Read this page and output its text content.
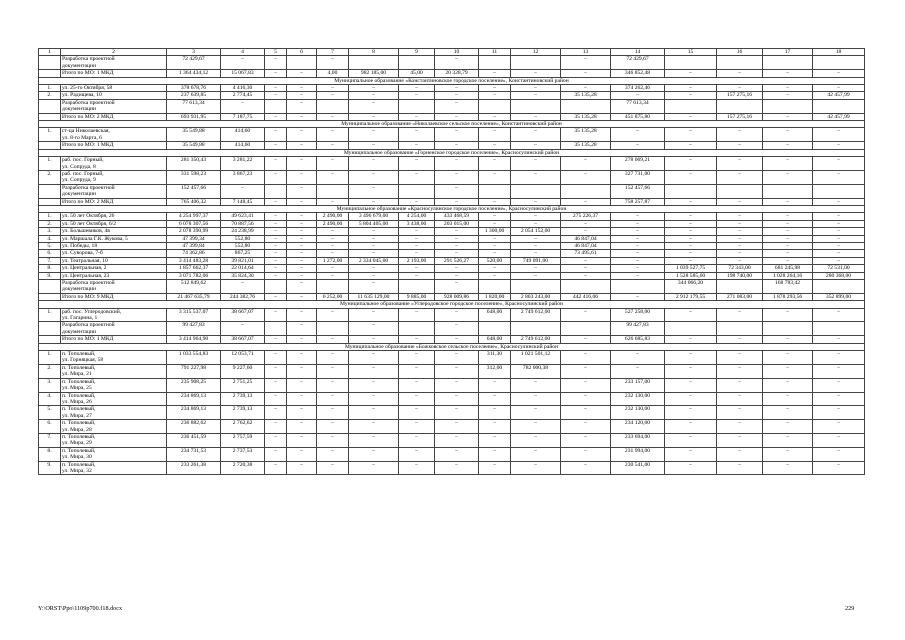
1	2	3	4	5	6	7	8	9	10	11	12	13	14	15	16	17	18
	Разработка проектной
документации	72 429,67	–	–		–			–			–	72 429,67				
	Итого по МО: 1 МКД	1 364 434,12	15 067,83	–	–	4,00	982 185,00	45,00	20 328,79	–	–	–	346 852,48	–	–	–	–
Муниципальное образование «Константиновское городское поселение», Константиновский район																	
1.	ул. 25-го Октября, 58	378 678,76	4 416,30	–	–	–	–	–	–	–	–	–	374 262,46	–	–	–	–
2.	ул. Радищева, 10	237 639,85	2 774,45	–	–	–	–	–	–	–	–	35 135,28	–	–	157 275,16	–	42 457,99
	Разработка проектной
документации	77 613,34	–		–		–		–				77 613,34				
	Итого по МО: 2 МКД	693 931,95	7 187,75	–	–	–	–	–	–	–	–	35 135,28	451 875,80	–	157 275,16	–	42 457,99
Муниципальное образование «Николаевское сельское поселение», Константиновский район																	
1.	ст-ца Николаевская,
ул. 8-го Марта, 6	35 549,88	414,60	–	–	–	–	–	–	–	–	35 135,28	–	–	–	–	–
	Итого по МО: 1 МКД	35 549,88	414,60	–	–	–	–	–	–	–	–	35 135,28	–	–	–	–	–
Муниципальное образование «Горненское городское поселение», Красносулинский район																	
1.	раб. пос. Горный,
ул. Сопруда, 8	281 350,43	3 281,22	–	–	–	–	–	–	–	–	–	278 069,21	–	–	–	–
2.	раб. пос. Горный,
ул. Сопруда, 9	331 598,23	3 867,23	–	–	–	–	–	–	–	–	–	327 731,00	–	–	–	–
	Разработка проектной
документации	152 457,66	–		–		–		–				152 457,66				
	Итого по МО: 2 МКД	765 406,32	7 148,45	–	–	–	–	–	–	–	–	–	758 257,87	–	–	–	–
Муниципальное образование «Красносулинское городское поселение», Красносулинский район																	
1.	ул. 50 лет Октября, 26	4 254 997,37	49 623,41	–	–	2 490,00	3 496 679,00	4 254,00	433 468,59	–	–	275 226,37	–	–	–	–	–
2.	ул. 50 лет Октября, 6/2	6 078 307,56	70 887,56	–	–	2 490,00	5 804 405,00	3 438,00	203 015,00	–	–	–	–	–	–	–	–
3.	ул. Большевиков, 4в	2 078 390,99	24 238,99	–	–	–	–	–	–	1 300,00	2 054 152,00	–	–	–	–	–	–
4.	ул. Маршала Г.К. Жукова, 5	47 399,34	552,80	–	–	–	–	–	–	–	–	46 847,04	–	–	–	–	–
5.	ул. Победы, 18	47 399,84	552,80	–	–	–	–	–	–	–	–	46 847,04	–	–	–	–	–
6.	ул. Суворова, 7-б	74 362,86	867,25	–	–	–	–	–	–	–	–	73 495,61	–	–	–	–	–
7.	ул. Театральная, 10	3 414 483,28	39 821,01	–	–	1 272,00	2 334 045,00	2 193,00	291 526,27	520,00	749 091,00	–	–	–	–	–	–
8.	ул. Центральная, 2	1 857 662,37	22 014,64	–	–	–	–	–	–	–	–	–	–	1 039 527,75	72 343,00	681 245,98	72 531,00
9.	ул. Центральная, 23	3 071 782,06	35 824,30	–	–	–	–	–	–	–	–	–	–	1 528 585,60	198 740,00	1 028 264,16	280 368,00
	Разработка проектной
документации	512 849,62	–		–		–		–					344 066,20		168 783,42	
	Итого по МО: 9 МКД	21 467 635,79	244 382,76	–	–	6 252,00	11 635 129,00	9 885,00	928 009,86	1 820,00	2 803 243,00	442 416,06	–	2 912 179,55	271 083,00	1 878 293,56	352 899,00
Муниципальное образование «Углеродовское городское поселение», Красносулинский район																	
1.	раб. пос. Углеродовский,
ул. Гагарина, 1	3 315 537,07	38 667,07	–	–	–	–	–	–	648,00	2 749 612,00	–	527 258,00	–	–	–	–
	Разработка проектной
документации	99 427,83	–		–		–		–				99 427,83				
	Итого по МО: 1 МКД	3 414 964,90	38 667,07	–	–	–	–	–	–	648,00	2 749 612,00	–	626 685,83	–	–	–	–
Муниципальное образование «Божковское сельское поселение», Красносулинский район																	
1.	п. Тополевый,
ул. Горняцкая, 58	1 033 554,83	12 053,71	–	–	–	–	–	–	311,30	1 021 501,12	–	–	–	–	–	–
2.	п. Тополевый,
ул. Мира, 21	791 227,98	9 227,60	–	–	–	–	–	–	312,00	782 000,38	–	–	–	–	–	–
3.	п. Тополевый,
ул. Мира, 25	235 908,25	2 751,25	–	–	–	–	–	–	–	–	–	233 157,00	–	–	–	–
4.	п. Тополевый,
ул. Мира, 26	234 869,13	2 739,13	–	–	–	–	–	–	–	–	–	232 130,00	–	–	–	–
5.	п. Тополевый,
ул. Мира, 27	234 869,13	2 739,13	–	–	–	–	–	–	–	–	–	232 130,00	–	–	–	–
6.	п. Тополевый,
ул. Мира, 28	236 882,62	2 762,62	–	–	–	–	–	–	–	–	–	234 120,00	–	–	–	–
7.	п. Тополевый,
ул. Мира, 29	236 451,59	2 757,59	–	–	–	–	–	–	–	–	–	233 694,00	–	–	–	–
8.	п. Тополевый,
ул. Мира, 30	234 731,53	2 737,53	–	–	–	–	–	–	–	–	–	231 994,00	–	–	–	–
9.	п. Тополевый,
ул. Мира, 32	233 261,38	2 720,38	–	–	–	–	–	–	–	–	–	230 541,00	–	–	–	–
Y:\ORST\Ppo\1109p700.f18.docx	229
